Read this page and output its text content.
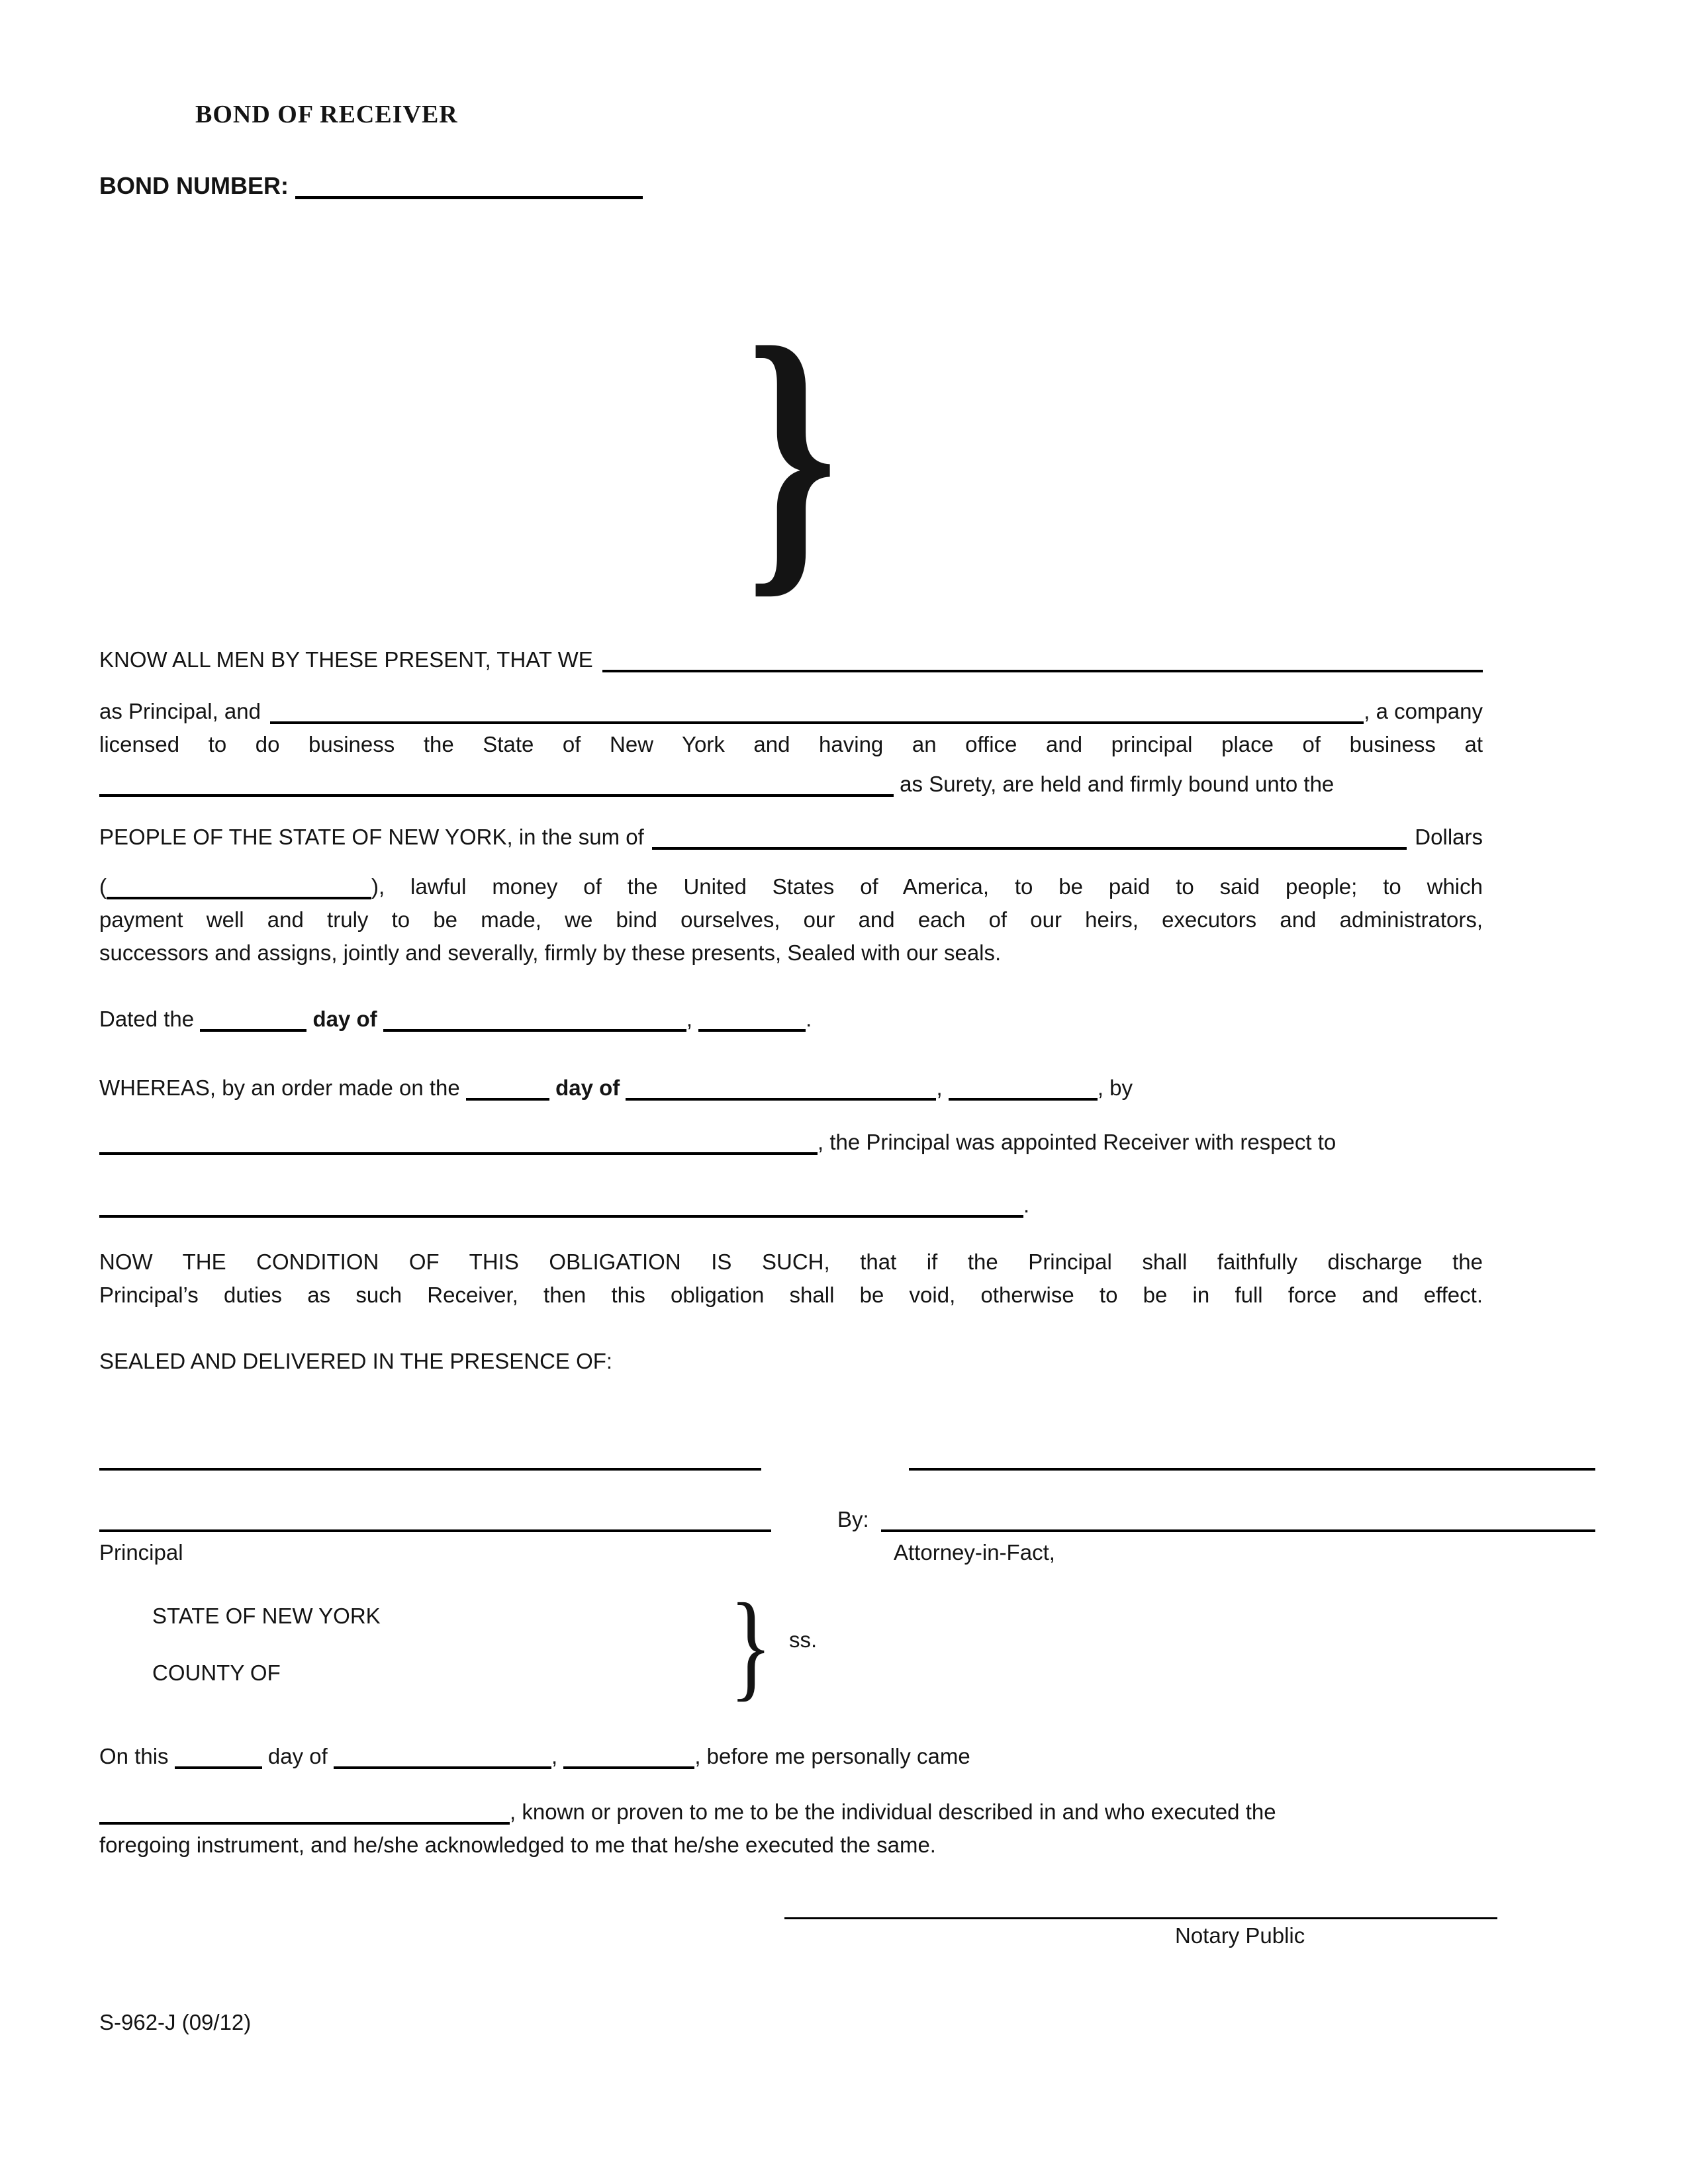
BOND OF RECEIVER
BOND NUMBER:
}
KNOW ALL MEN BY THESE PRESENT, THAT WE
as Principal, and	, a company
licensed to do business the State of New York and having an office and principal place of business at
as Surety, are held and firmly bound unto the
PEOPLE OF THE STATE OF NEW YORK, in the sum of	Dollars
(	), lawful money of the United States of America, to be paid to said people; to which
payment well and truly to be made, we bind ourselves, our and each of our heirs, executors and administrators,
successors and assigns, jointly and severally, firmly by these presents, Sealed with our seals.
Dated the	day of	,	.
WHEREAS, by an order made on the	day of	,	, by
, the Principal was appointed Receiver with respect to
.
NOW THE CONDITION OF THIS OBLIGATION IS SUCH, that if the Principal shall faithfully discharge the
Principal’s duties as such Receiver, then this obligation shall be void, otherwise to be in full force and effect.
SEALED AND DELIVERED IN THE PRESENCE OF:
By:
Principal	Attorney-in-Fact,
STATE OF NEW YORK
COUNTY OF	} ss.
On this	day of	,	, before me personally came
, known or proven to me to be the individual described in and who executed the
foregoing instrument, and he/she acknowledged to me that he/she executed the same.
Notary Public
S-962-J (09/12)
